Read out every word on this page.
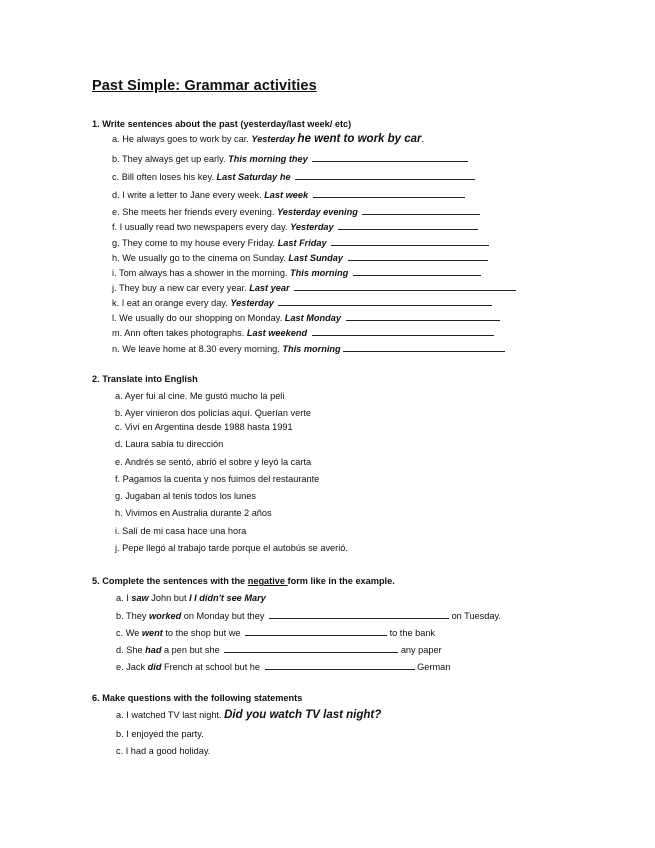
Past Simple: Grammar activities
1. Write sentences about the past (yesterday/last week/ etc)
a. He always goes to work by car. Yesterday he went to work by car.
b. They always get up early. This morning they
c. Bill often loses his key. Last Saturday he
d. I write a letter to Jane every week. Last week
e. She meets her friends every evening. Yesterday evening
f. I usually read two newspapers every day. Yesterday
g. They come to my house every Friday. Last Friday
h. We usually go to the cinema on Sunday. Last Sunday
i. Tom always has a shower in the morning. This morning
j. They buy a new car every year. Last year
k. I eat an orange every day. Yesterday
l. We usually do our shopping on Monday. Last Monday
m. Ann often takes photographs. Last weekend
n. We leave home at 8.30 every morning. This morning
2. Translate into English
a. Ayer fui al cine. Me gustó mucho la peli
b. Ayer vinieron dos policías aquí. Querían verte
c. Viví en Argentina desde 1988 hasta 1991
d. Laura sabía tu dirección
e. Andrés se sentó, abrió el sobre y leyó la carta
f. Pagamos la cuenta y nos fuimos del restaurante
g. Jugaban al tenis todos los lunes
h. Vivimos en Australia durante 2 años
i. Salí de mi casa hace una hora
j. Pepe llegó al trabajo tarde porque el autobús se averió.
5. Complete the sentences with the negative form like in the example.
a. I saw John but I I didn't see Mary
b. They worked on Monday but they	on Tuesday.
c. We went to the shop but we	to the bank
d. She had a pen but she	any paper
e. Jack did French at school but he	German
6. Make questions with the following statements
a. I watched TV last night. Did you watch TV last night?
b. I enjoyed the party.
c. I had a good holiday.
